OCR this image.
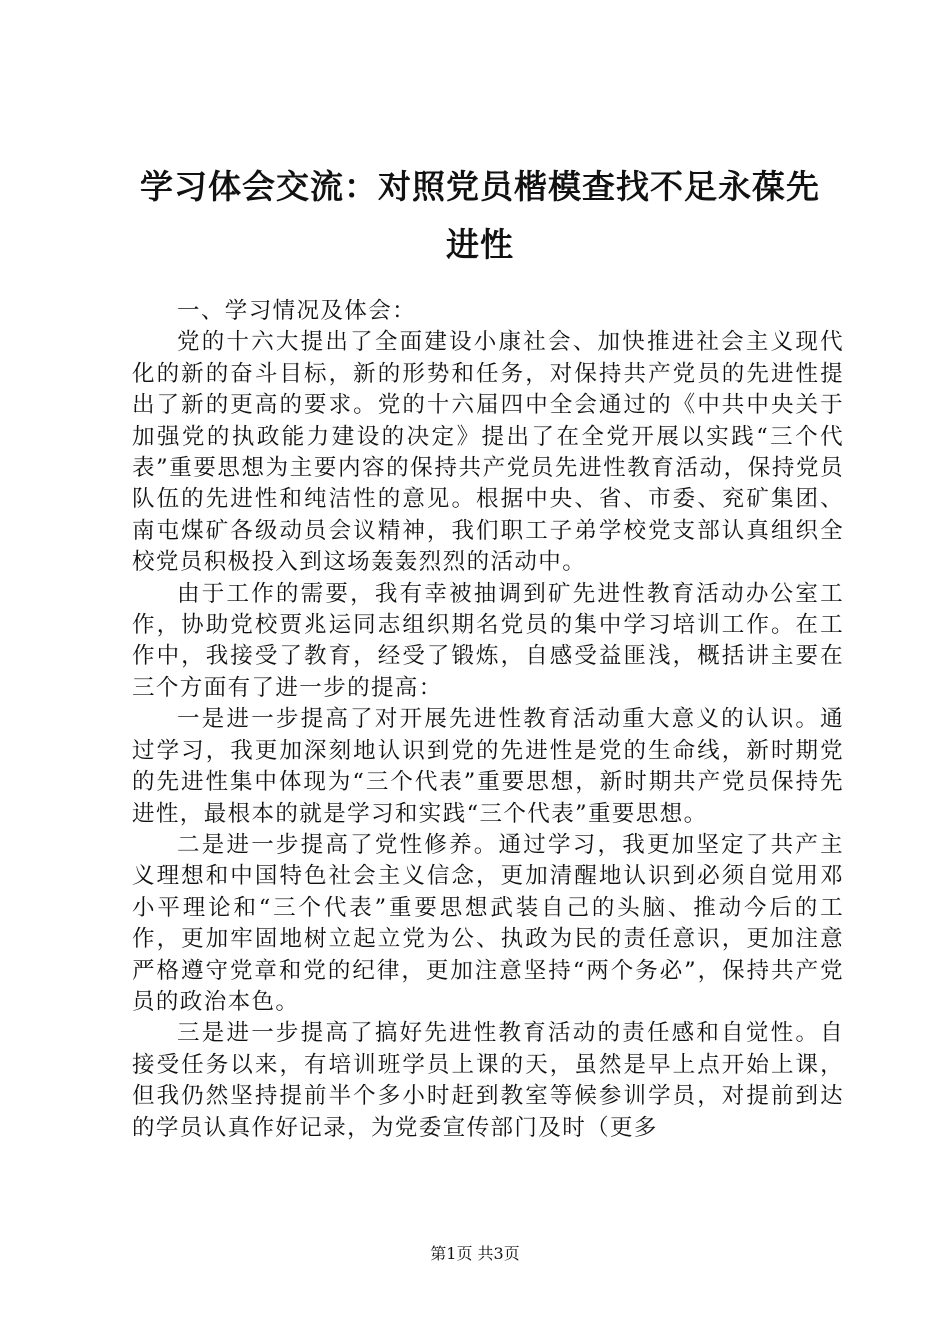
学习体会交流：对照党员楷模查找不足永葆先进性

一、学习情况及体会：

党的十六大提出了全面建设小康社会、加快推进社会主义现代化的新的奋斗目标，新的形势和任务，对保持共产党员的先进性提出了新的更高的要求。党的十六届四中全会通过的《中共中央关于加强党的执政能力建设的决定》提出了在全党开展以实践“三个代表”重要思想为主要内容的保持共产党员先进性教育活动，保持党员队伍的先进性和纯洁性的意见。根据中央、省、市委、兖矿集团、南屯煤矿各级动员会议精神，我们职工子弟学校党支部认真组织全校党员积极投入到这场轰轰烈烈的活动中。

由于工作的需要，我有幸被抽调到矿先进性教育活动办公室工作，协助党校贾兆运同志组织期名党员的集中学习培训工作。在工作中，我接受了教育，经受了锻炼，自感受益匪浅，概括讲主要在三个方面有了进一步的提高：

一是进一步提高了对开展先进性教育活动重大意义的认识。通过学习，我更加深刻地认识到党的先进性是党的生命线，新时期党的先进性集中体现为“三个代表”重要思想，新时期共产党员保持先进性，最根本的就是学习和实践“三个代表”重要思想。

二是进一步提高了党性修养。通过学习，我更加坚定了共产主义理想和中国特色社会主义信念，更加清醒地认识到必须自觉用邓小平理论和“三个代表”重要思想武装自己的头脑、推动今后的工作，更加牢固地树立起立党为公、执政为民的责任意识，更加注意严格遵守党章和党的纪律，更加注意坚持“两个务必”，保持共产党员的政治本色。

三是进一步提高了搞好先进性教育活动的责任感和自觉性。自接受任务以来，有培训班学员上课的天，虽然是早上点开始上课，但我仍然坚持提前半个多小时赶到教室等候参训学员，对提前到达的学员认真作好记录，为党委宣传部门及时（更多

第1页 共3页
